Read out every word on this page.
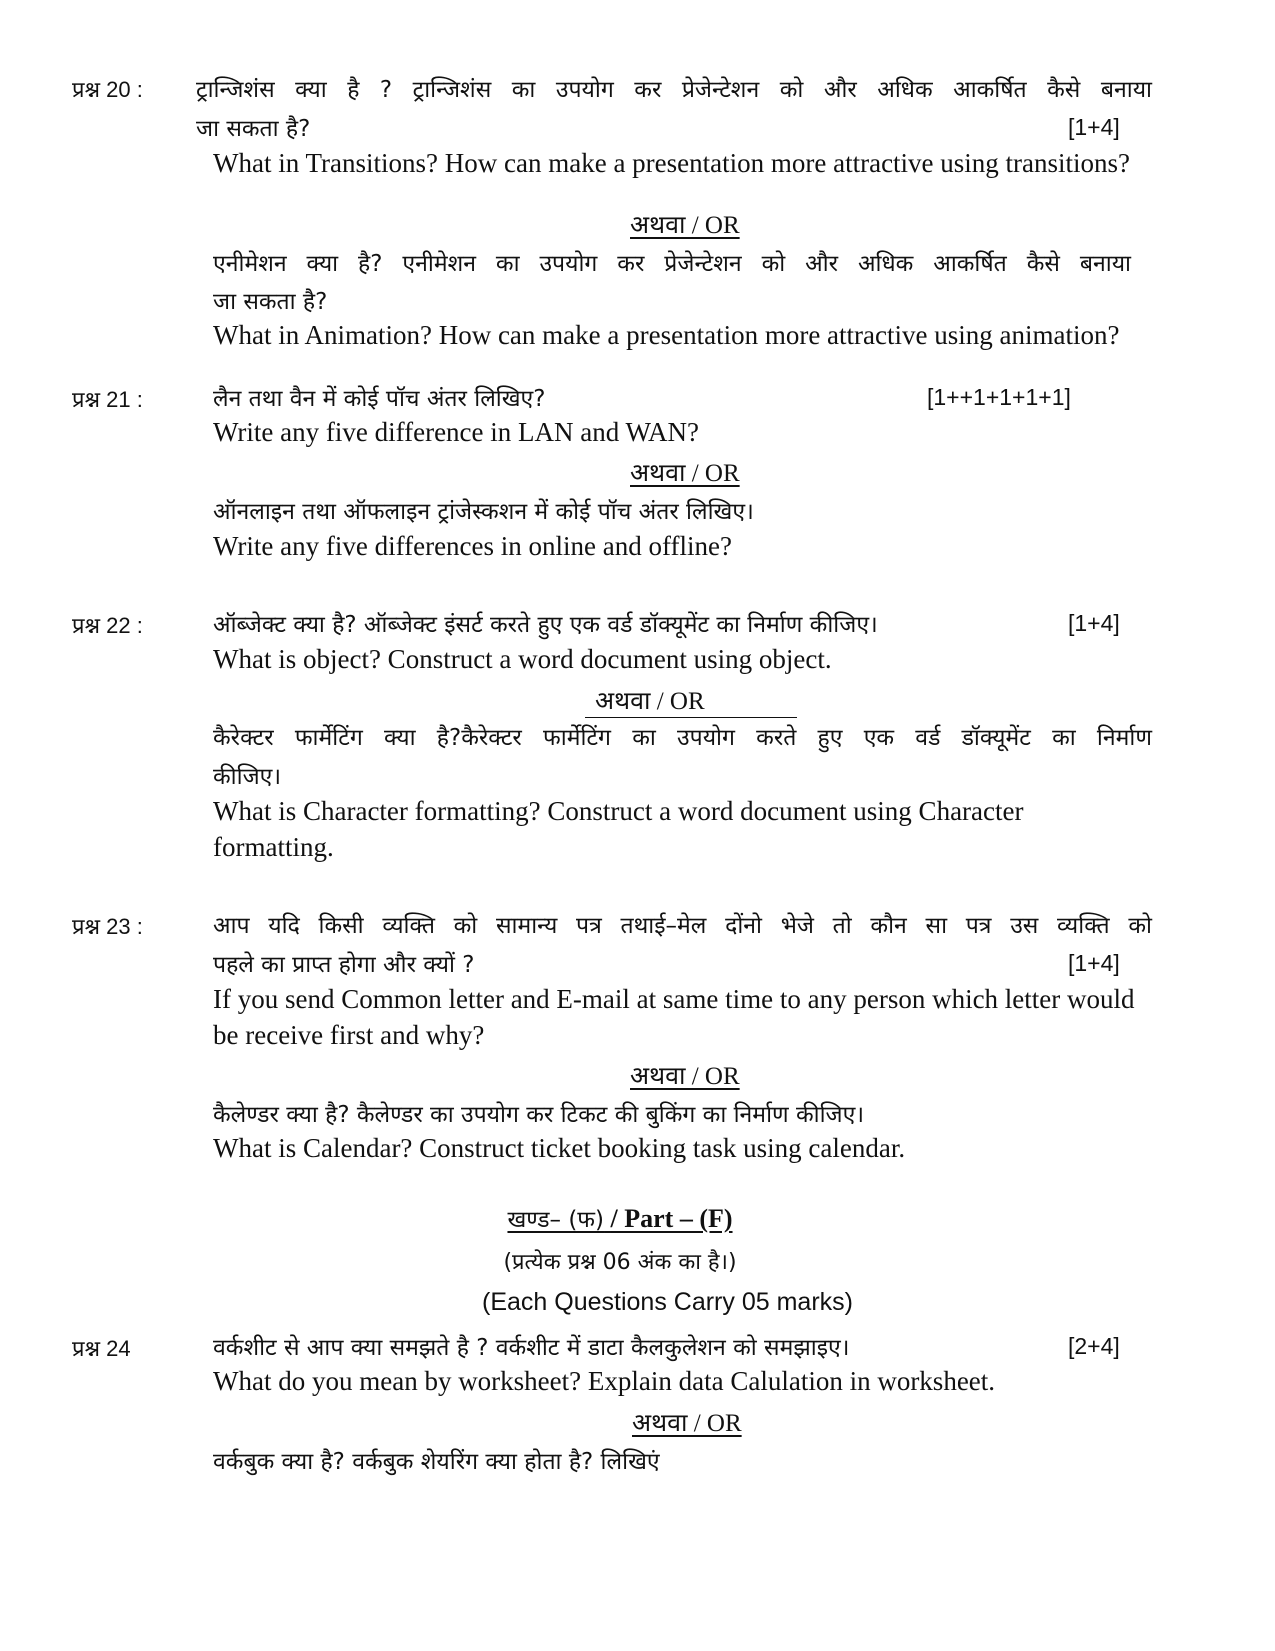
प्रश्न 20 : ट्रान्जिशंस क्या है ? ट्रान्जिशंस का उपयोग कर प्रेजेन्टेशन को और अधिक आकर्षित कैसे बनाया
जा सकता है?	[1+4]
What in Transitions? How can make a presentation more attractive using transitions?
अथवा / OR
एनीमेशन क्या है? एनीमेशन का उपयोग कर प्रेजेन्टेशन को और अधिक आकर्षित कैसे बनाया
जा सकता है?
What in Animation? How can make a presentation more attractive using animation?
प्रश्न 21 :	लैन तथा वैन में कोई पॉच अंतर लिखिए?	[1++1+1+1+1]
Write any five difference in LAN and WAN?
अथवा / OR
ऑनलाइन तथा ऑफलाइन ट्रांजेस्कशन में कोई पॉच अंतर लिखिए।
Write any five differences in online and offline?
प्रश्न 22 :	ऑब्जेक्ट क्या है? ऑब्जेक्ट इंसर्ट करते हुए एक वर्ड डॉक्यूमेंट का निर्माण कीजिए।	[1+4]
What is object? Construct a word document using object.
अथवा / OR
कैरेक्टर फार्मेटिंग क्या है?कैरेक्टर फार्मेटिंग का उपयोग करते हुए एक वर्ड डॉक्यूमेंट का निर्माण
कीजिए।
What is Character formatting? Construct a word document using Character
formatting.
प्रश्न 23 :	आप यदि किसी व्यक्ति को सामान्य पत्र तथाई–मेल दोंनो भेजे तो कौन सा पत्र उस व्यक्ति को
पहले का प्राप्त होगा और क्यों ?	[1+4]
If you send Common letter and E-mail at same time to any person which letter would
be receive first and why?
अथवा / OR
कैलेण्डर क्या है? कैलेण्डर का उपयोग कर टिकट की बुकिंग का निर्माण कीजिए।
What is Calendar? Construct ticket booking task using calendar.
खण्ड– (फ) / Part – (F)
(प्रत्येक प्रश्न 06 अंक का है।)
(Each Questions Carry 05 marks)
प्रश्न 24	वर्कशीट से आप क्या समझते है ? वर्कशीट में डाटा कैलकुलेशन को समझाइए।	[2+4]
What do you mean by worksheet? Explain data Calulation in worksheet.
अथवा / OR
वर्कबुक क्या है? वर्कबुक शेयरिंग क्या होता है? लिखिएं
